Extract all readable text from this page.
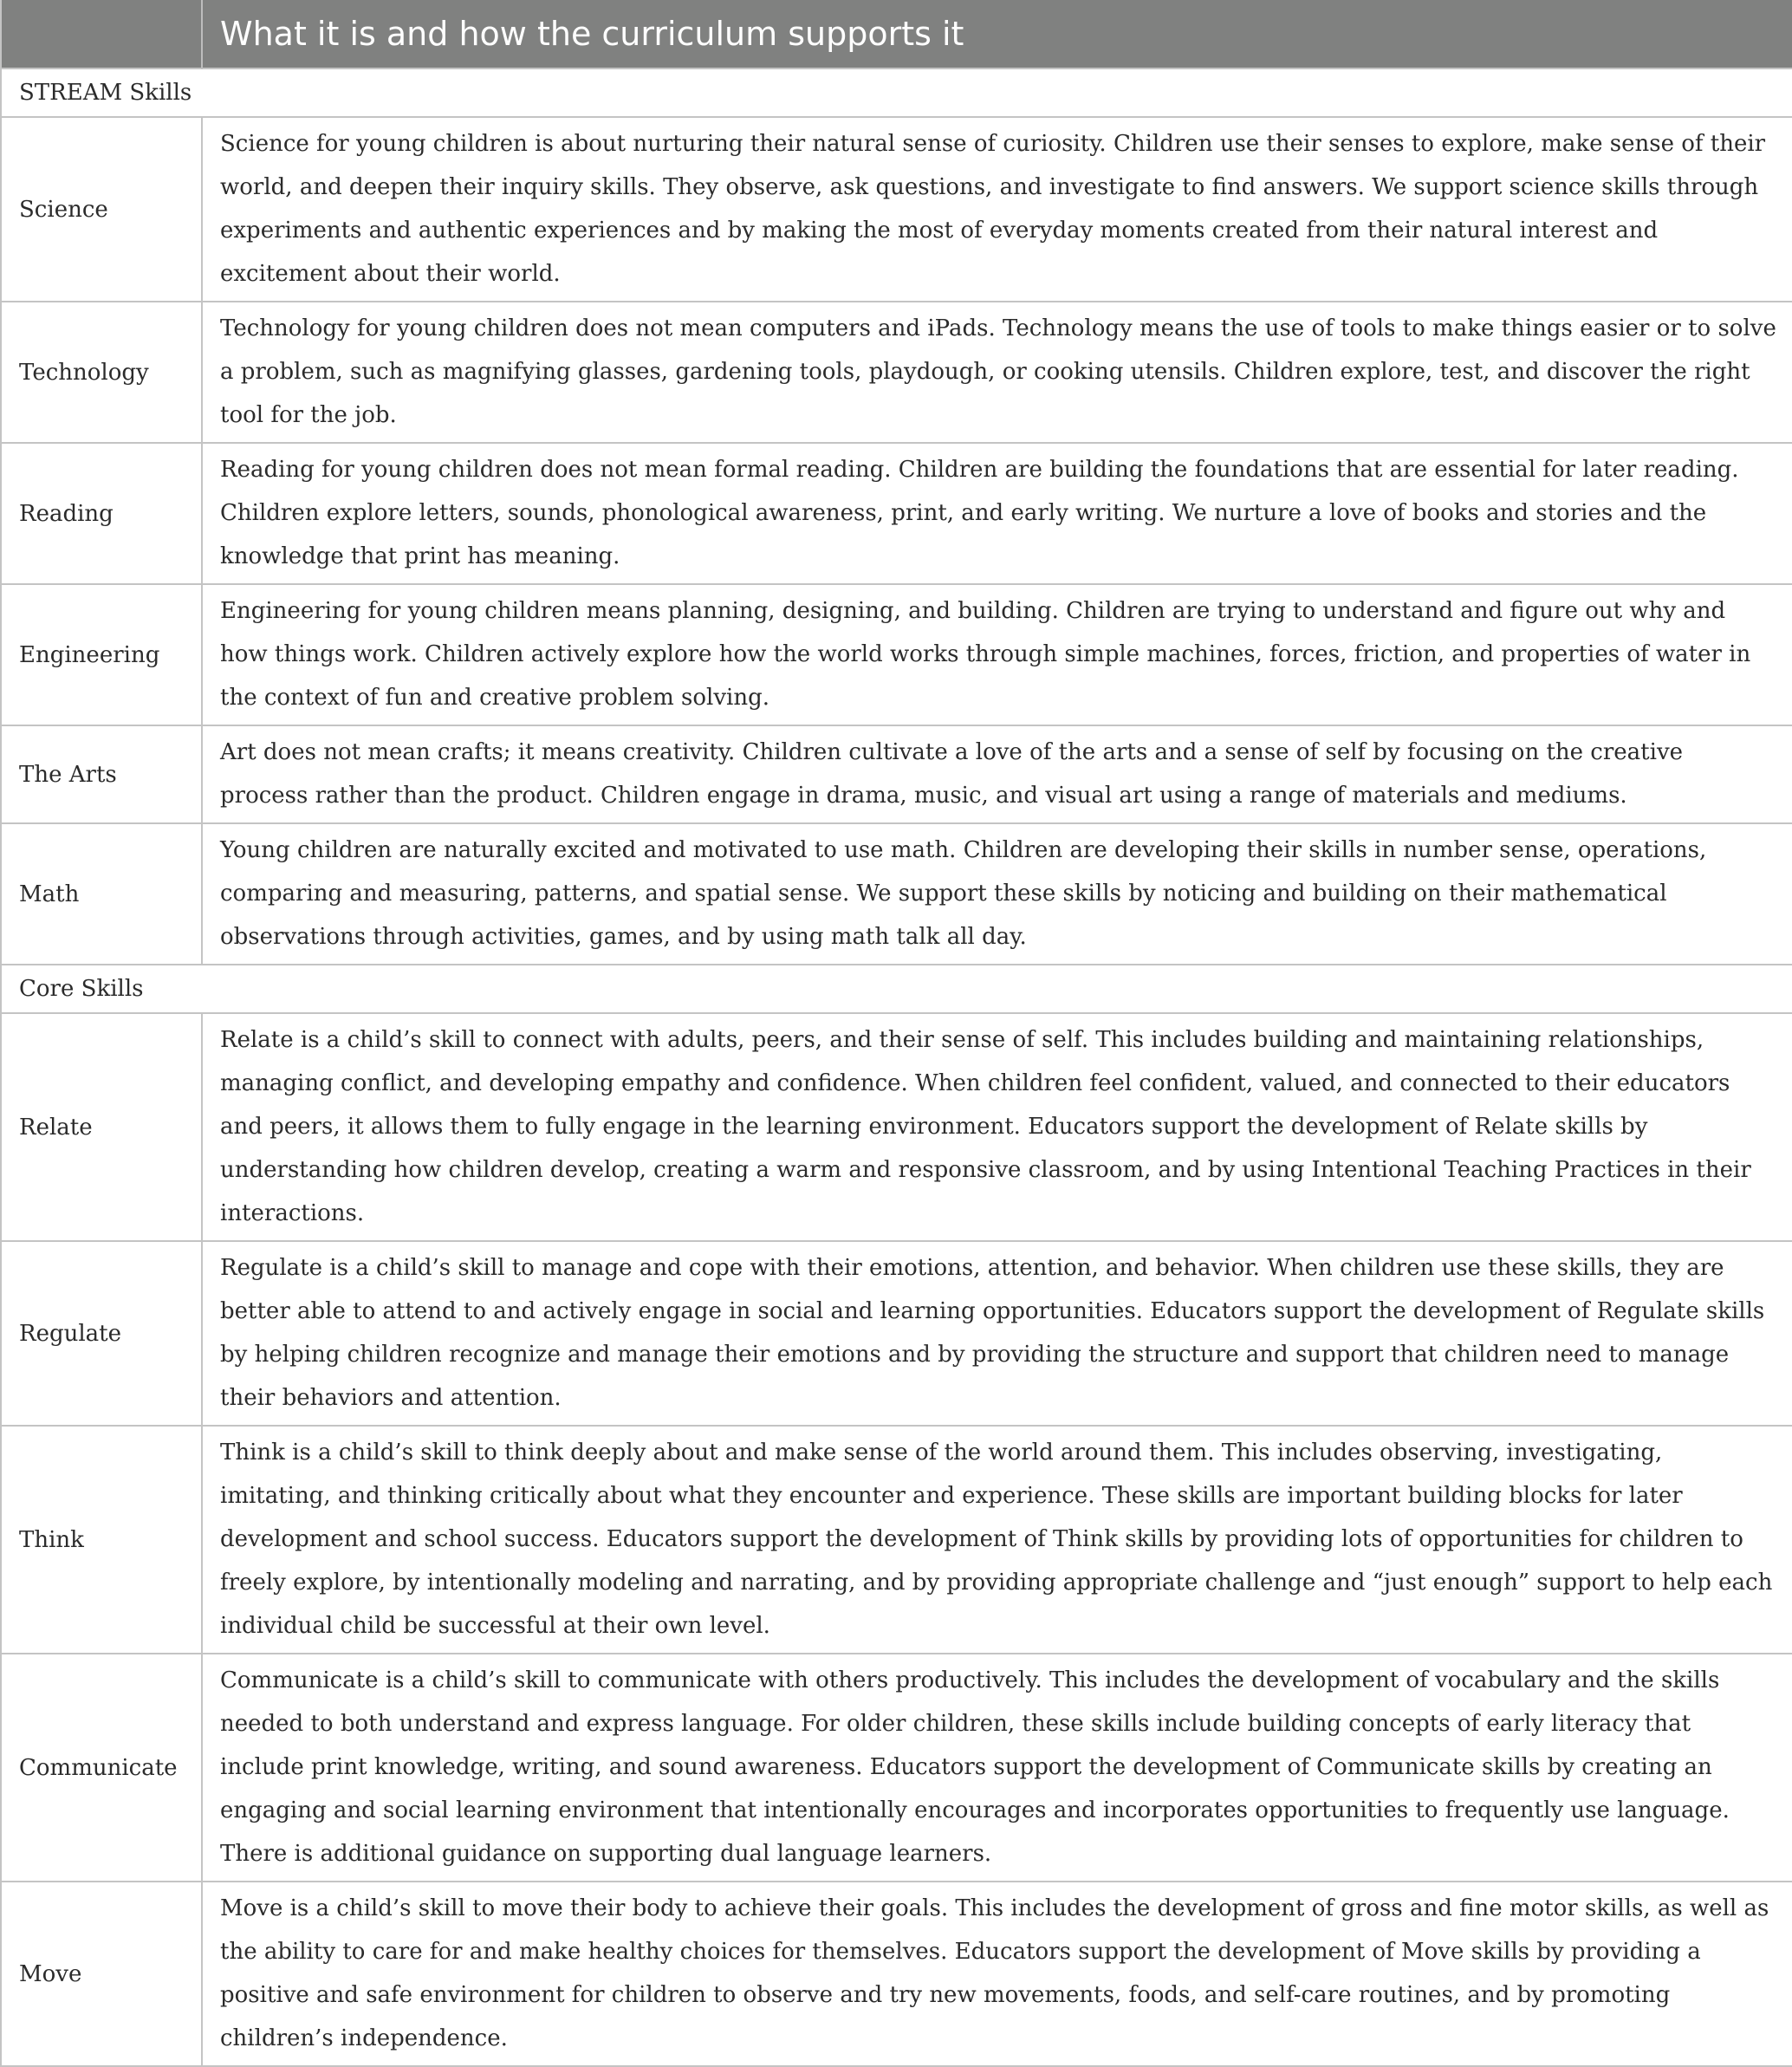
	What it is and how the curriculum supports it
STREAM Skills	
Science	Science for young children is about nurturing their natural sense of curiosity. Children use their senses to explore, make sense of their world, and deepen their inquiry skills. They observe, ask questions, and investigate to find answers. We support science skills through experiments and authentic experiences and by making the most of everyday moments created from their natural interest and excitement about their world.
Technology	Technology for young children does not mean computers and iPads. Technology means the use of tools to make things easier or to solve a problem, such as magnifying glasses, gardening tools, playdough, or cooking utensils. Children explore, test, and discover the right tool for the job.
Reading	Reading for young children does not mean formal reading. Children are building the foundations that are essential for later reading. Children explore letters, sounds, phonological awareness, print, and early writing. We nurture a love of books and stories and the knowledge that print has meaning.
Engineering	Engineering for young children means planning, designing, and building. Children are trying to understand and figure out why and how things work. Children actively explore how the world works through simple machines, forces, friction, and properties of water in the context of fun and creative problem solving.
The Arts	Art does not mean crafts; it means creativity. Children cultivate a love of the arts and a sense of self by focusing on the creative process rather than the product. Children engage in drama, music, and visual art using a range of materials and mediums.
Math	Young children are naturally excited and motivated to use math. Children are developing their skills in number sense, operations, comparing and measuring, patterns, and spatial sense. We support these skills by noticing and building on their mathematical observations through activities, games, and by using math talk all day.
Core Skills	
Relate	Relate is a child’s skill to connect with adults, peers, and their sense of self. This includes building and maintaining relationships, managing conflict, and developing empathy and confidence. When children feel confident, valued, and connected to their educators and peers, it allows them to fully engage in the learning environment. Educators support the development of Relate skills by understanding how children develop, creating a warm and responsive classroom, and by using Intentional Teaching Practices in their interactions.
Regulate	Regulate is a child’s skill to manage and cope with their emotions, attention, and behavior. When children use these skills, they are better able to attend to and actively engage in social and learning opportunities. Educators support the development of Regulate skills by helping children recognize and manage their emotions and by providing the structure and support that children need to manage their behaviors and attention.
Think	Think is a child’s skill to think deeply about and make sense of the world around them. This includes observing, investigating, imitating, and thinking critically about what they encounter and experience. These skills are important building blocks for later development and school success. Educators support the development of Think skills by providing lots of opportunities for children to freely explore, by intentionally modeling and narrating, and by providing appropriate challenge and “just enough” support to help each individual child be successful at their own level.
Communicate	Communicate is a child’s skill to communicate with others productively. This includes the development of vocabulary and the skills needed to both understand and express language. For older children, these skills include building concepts of early literacy that include print knowledge, writing, and sound awareness. Educators support the development of Communicate skills by creating an engaging and social learning environment that intentionally encourages and incorporates opportunities to frequently use language. There is additional guidance on supporting dual language learners.
Move	Move is a child’s skill to move their body to achieve their goals. This includes the development of gross and fine motor skills, as well as the ability to care for and make healthy choices for themselves. Educators support the development of Move skills by providing a positive and safe environment for children to observe and try new movements, foods, and self-care routines, and by promoting children’s independence.
